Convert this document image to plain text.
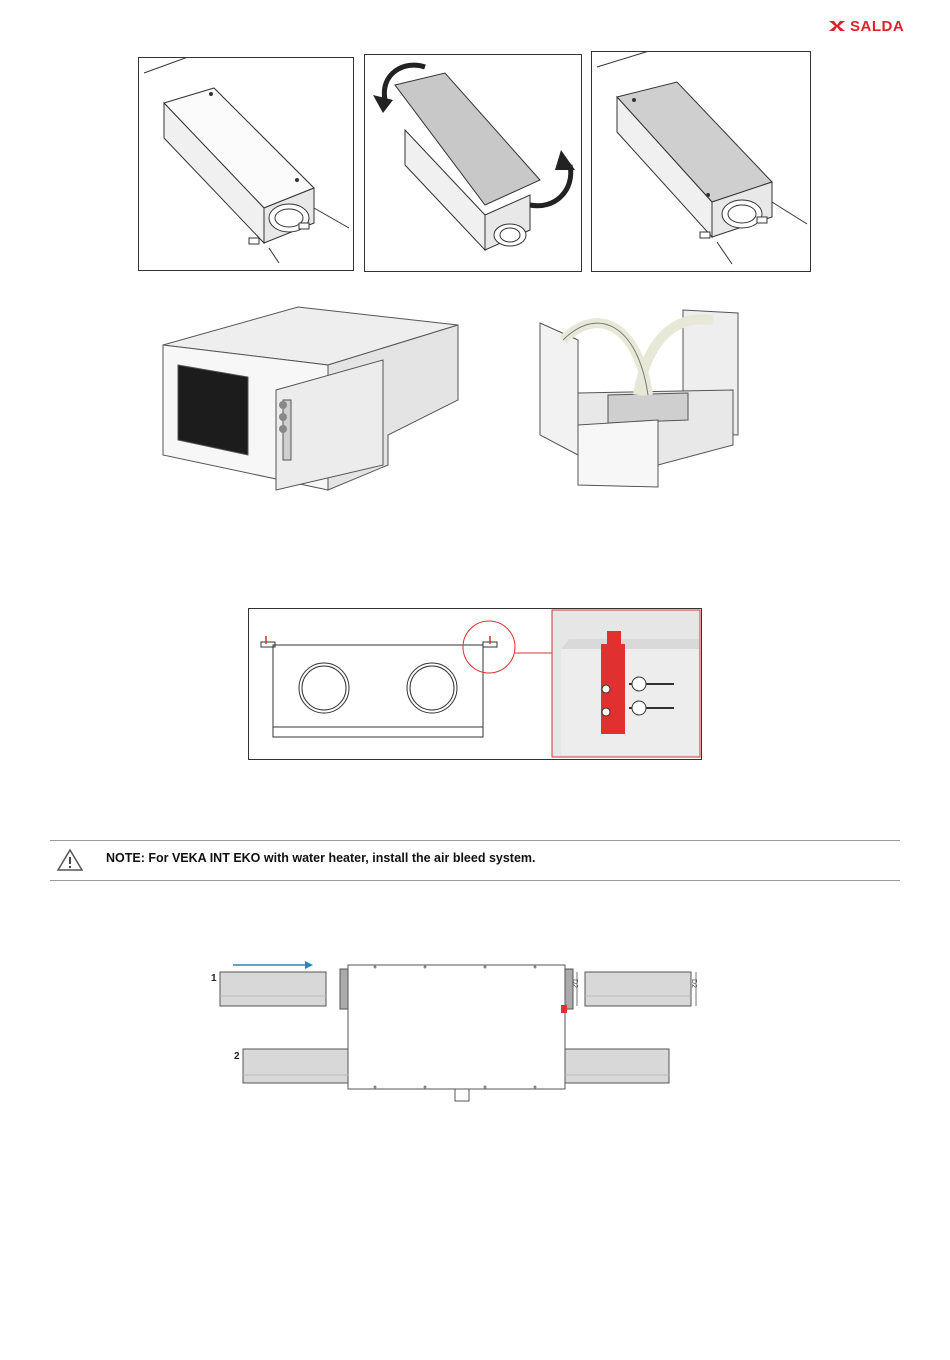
SALDA
NOTE: For VEKA INT EKO with water heater, install the air bleed system.
1
2
D2
D2
